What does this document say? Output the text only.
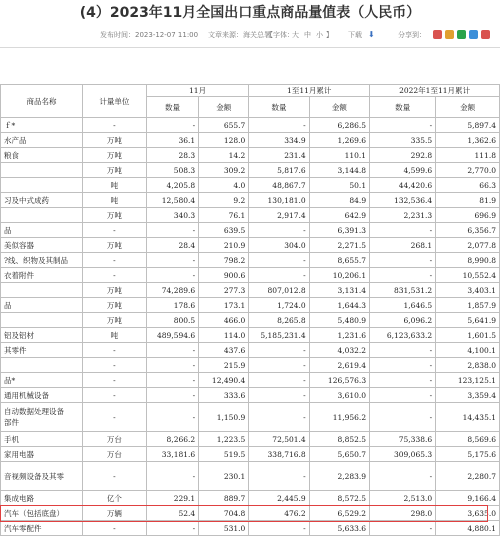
(4）2023年11月全国出口重点商品量值表（人民币）
发布时间：2023-12-07 11:00 文章来源：海关总署
【字体：
大 中 小 】 下载 ⬇	分享到：
商品名称	计量单位	11月		1至11月累计		2022年1至11月累计	
		数量	金额	数量	金额	数量	金额
ｆ*	-	-	655.7	-	6,286.5	-	5,897.4
水产品	万吨	36.1	128.0	334.9	1,269.6	335.5	1,362.6
粮食	万吨	28.3	14.2	231.4	110.1	292.8	111.8
	万吨	508.3	309.2	5,817.6	3,144.8	4,599.6	2,770.0
	吨	4,205.8	4.0	48,867.7	50.1	44,420.6	66.3
习及中式成药	吨	12,580.4	9.2	130,181.0	84.9	132,536.4	81.9
	万吨	340.3	76.1	2,917.4	642.9	2,231.3	696.9
品	-	-	639.5	-	6,391.3	-	6,356.7
美似容器	万吨	28.4	210.9	304.0	2,271.5	268.1	2,077.8
?线、织物及其制品	-	-	798.2	-	8,655.7	-	8,990.8
衣着附件	-	-	900.6	-	10,206.1	-	10,552.4
	万吨	74,289.6	277.3	807,012.8	3,131.4	831,531.2	3,403.1
品	万吨	178.6	173.1	1,724.0	1,644.3	1,646.5	1,857.9
	万吨	800.5	466.0	8,265.8	5,480.9	6,096.2	5,641.9
铝及铝材	吨	489,594.6	114.0	5,185,231.4	1,231.6	6,123,633.2	1,601.5
其零件	-	-	437.6	-	4,032.2	-	4,100.1
	-	-	215.9	-	2,619.4	-	2,838.0
品*	-	-	12,490.4	-	126,576.3	-	123,125.1
通用机械设备	-	-	333.6	-	3,610.0	-	3,359.4
自动数据处理设备
部件	-	-	1,150.9	-	11,956.2	-	14,435.1
手机	万台	8,266.2	1,223.5	72,501.4	8,852.5	75,338.6	8,569.6
家用电器	万台	33,181.6	519.5	338,716.8	5,650.7	309,065.3	5,175.6
音视频设备及其零	-	-	230.1	-	2,283.9	-	2,280.7
集成电路	亿个	229.1	889.7	2,445.9	8,572.5	2,513.0	9,166.4
汽车（包括底盘）	万辆	52.4	704.8	476.2	6,529.2	298.0	3,635.0
汽车零配件	-	-	531.0	-	5,633.6	-	4,880.1
